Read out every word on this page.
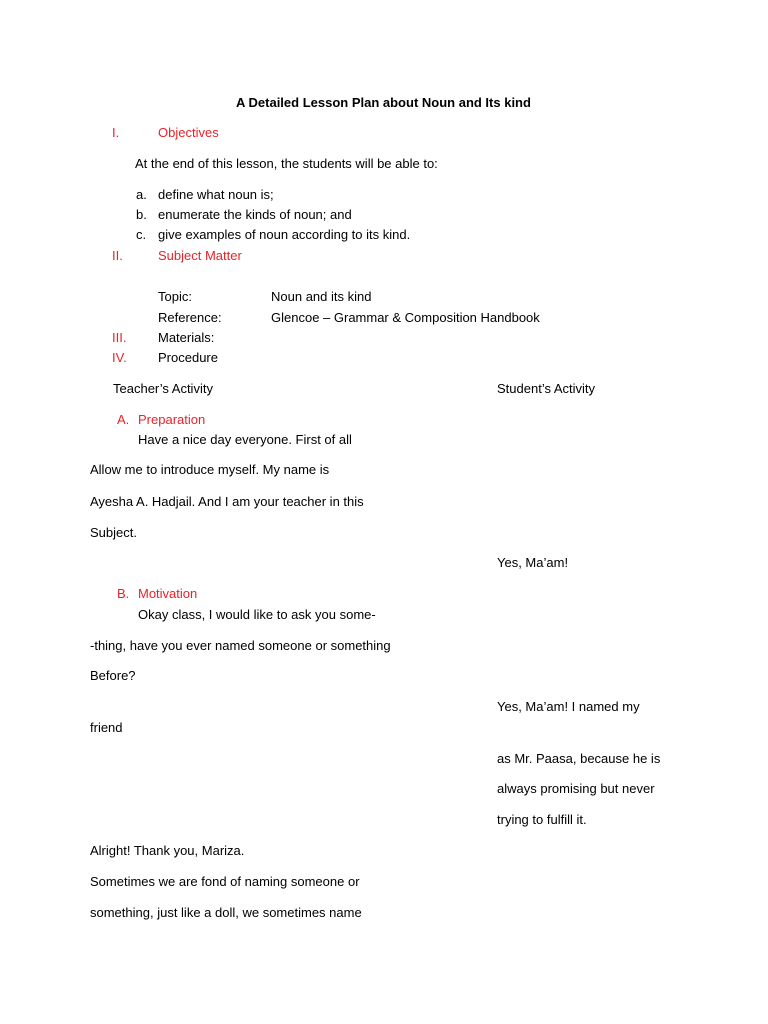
A Detailed Lesson Plan about Noun and Its kind
I.	Objectives
At the end of this lesson, the students will be able to:
a. define what noun is;
b. enumerate the kinds of noun; and
c. give examples of noun according to its kind.
II.	Subject Matter
Topic:	Noun and its kind
Reference:	Glencoe – Grammar & Composition Handbook
III. Materials:
IV. Procedure
Teacher’s Activity	Student’s Activity
A. Preparation
Have a nice day everyone. First of all
Allow me to introduce myself. My name is
Ayesha A. Hadjail. And I am your teacher in this
Subject.
Yes, Ma’am!
B. Motivation
Okay class, I would like to ask you some-
-thing, have you ever named someone or something
Before?
Yes, Ma’am! I named my
friend
as Mr. Paasa, because he is
always promising but never
trying to fulfill it.
Alright! Thank you, Mariza.
Sometimes we are fond of naming someone or
something, just like a doll, we sometimes name
